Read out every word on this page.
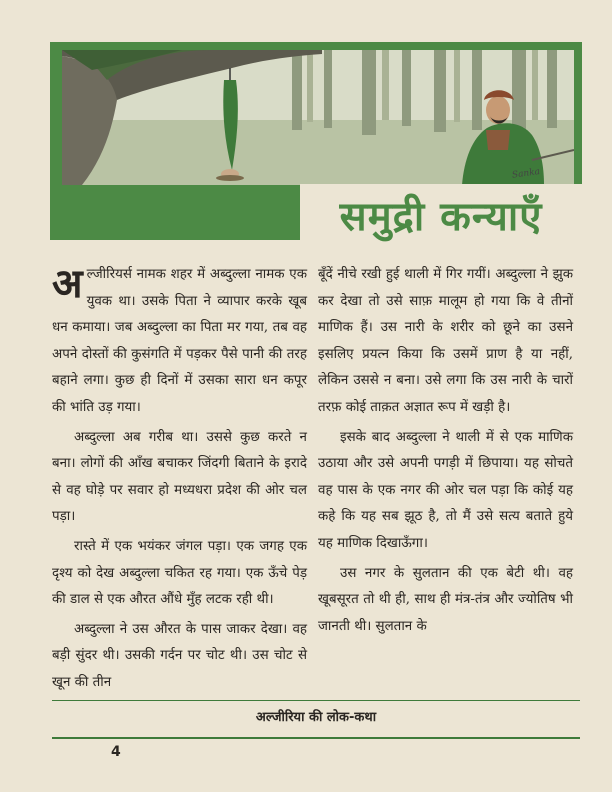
Sanka
समुद्री कन्याएँ

अल्जीरियर्स नामक शहर में अब्दुल्ला नामक एक युवक था। उसके पिता ने व्यापार करके खूब धन कमाया। जब अब्दुल्ला का पिता मर गया, तब वह अपने दोस्तों की कुसंगति में पड़कर पैसे पानी की तरह बहाने लगा। कुछ ही दिनों में उसका सारा धन कपूर की भांति उड़ गया।

अब्दुल्ला अब गरीब था। उससे कुछ करते न बना। लोगों की आँख बचाकर जिंदगी बिताने के इरादे से वह घोड़े पर सवार हो मध्यधरा प्रदेश की ओर चल पड़ा।

रास्ते में एक भयंकर जंगल पड़ा। एक जगह एक दृश्य को देख अब्दुल्ला चकित रह गया। एक ऊँचे पेड़ की डाल से एक औरत औंधे मुँह लटक रही थी।

अब्दुल्ला ने उस औरत के पास जाकर देखा। वह बड़ी सुंदर थी। उसकी गर्दन पर चोट थी। उस चोट से खून की तीन

बूँदें नीचे रखी हुई थाली में गिर गयीं। अब्दुल्ला ने झुक कर देखा तो उसे साफ़ मालूम हो गया कि वे तीनों माणिक हैं। उस नारी के शरीर को छूने का उसने इसलिए प्रयत्न किया कि उसमें प्राण है या नहीं, लेकिन उससे न बना। उसे लगा कि उस नारी के चारों तरफ़ कोई ताक़त अज्ञात रूप में खड़ी है।

इसके बाद अब्दुल्ला ने थाली में से एक माणिक उठाया और उसे अपनी पगड़ी में छिपाया। यह सोचते वह पास के एक नगर की ओर चल पड़ा कि कोई यह कहे कि यह सब झूठ है, तो मैं उसे सत्य बताते हुये यह माणिक दिखाऊँगा।

उस नगर के सुलतान की एक बेटी थी। वह खूबसूरत तो थी ही, साथ ही मंत्र-तंत्र और ज्योतिष भी जानती थी। सुलतान के

अल्जीरिया की लोक-कथा
4
